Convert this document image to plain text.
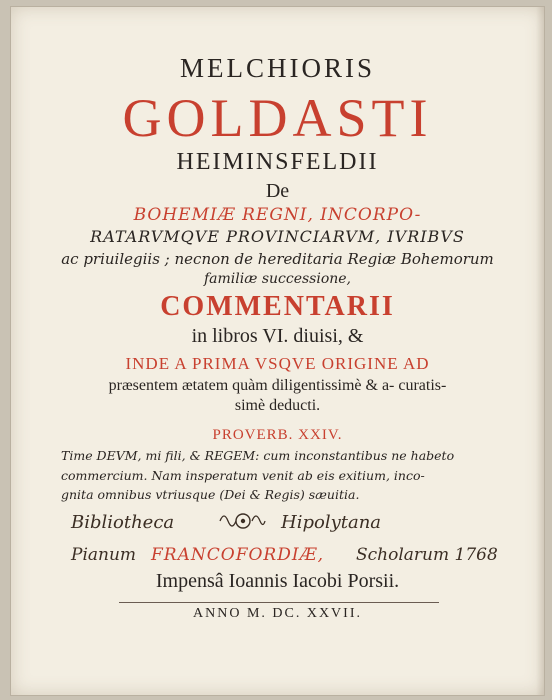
MELCHIORIS
GOLDASTI
HEIMINSFELDII
De
BOHEMIÆ REGNI, INCORPO-
RATARVMQVE PROVINCIARVM, IVRIBVS
ac priuilegiis ; necnon de hereditaria Regiæ Bohemorum
familiæ successione,
COMMENTARII
in libros VI. diuisi, &
INDE A PRIMA VSQVE ORIGINE AD
præsentem ætatem quàm diligentissimè & a- curatis-
simè deducti.
PROVERB. XXIV.
Time DEVM, mi fili, & REGEM: cum inconstantibus ne habeto
commercium. Nam insperatum venit ab eis exitium, inco-
gnita omnibus vtriusque (Dei & Regis) sæuitia.
Bibliotheca	Hipolytana
Pianum FRANCOFORDIÆ, Scholarum 1768
Impensâ Ioannis Iacobi Porsii.
ANNO M. DC. XXVII.
